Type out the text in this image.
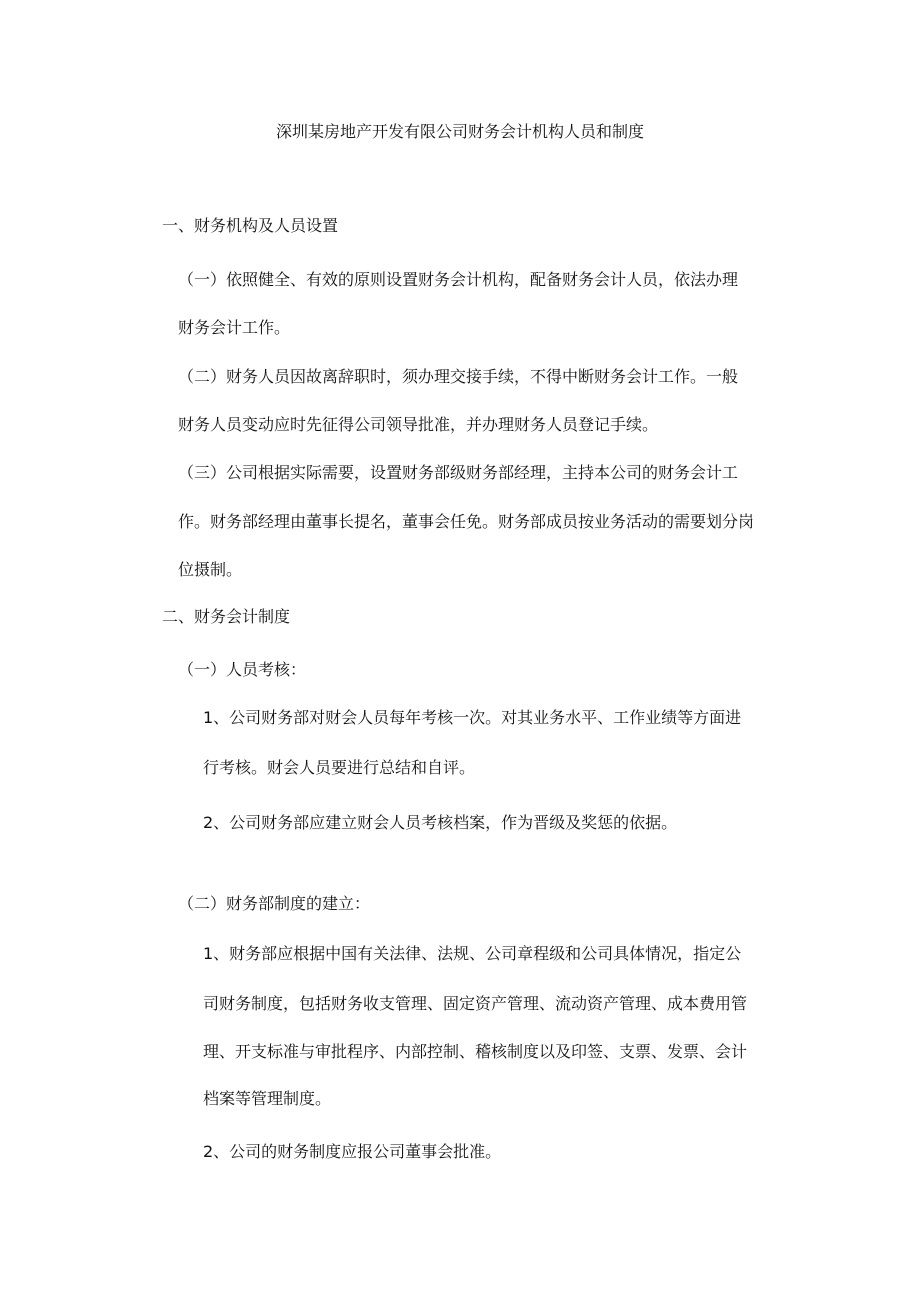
深圳某房地产开发有限公司财务会计机构人员和制度
一、财务机构及人员设置
（一）依照健全、有效的原则设置财务会计机构，配备财务会计人员，依法办理
财务会计工作。
（二）财务人员因故离辞职时，须办理交接手续，不得中断财务会计工作。一般
财务人员变动应时先征得公司领导批准，并办理财务人员登记手续。
（三）公司根据实际需要，设置财务部级财务部经理，主持本公司的财务会计工
作。财务部经理由董事长提名，董事会任免。财务部成员按业务活动的需要划分岗
位摄制。
二、财务会计制度
（一）人员考核：
1、公司财务部对财会人员每年考核一次。对其业务水平、工作业绩等方面进
行考核。财会人员要进行总结和自评。
2、公司财务部应建立财会人员考核档案，作为晋级及奖惩的依据。
（二）财务部制度的建立：
1、财务部应根据中国有关法律、法规、公司章程级和公司具体情况，指定公
司财务制度，包括财务收支管理、固定资产管理、流动资产管理、成本费用管
理、开支标准与审批程序、内部控制、稽核制度以及印签、支票、发票、会计
档案等管理制度。
2、公司的财务制度应报公司董事会批准。
